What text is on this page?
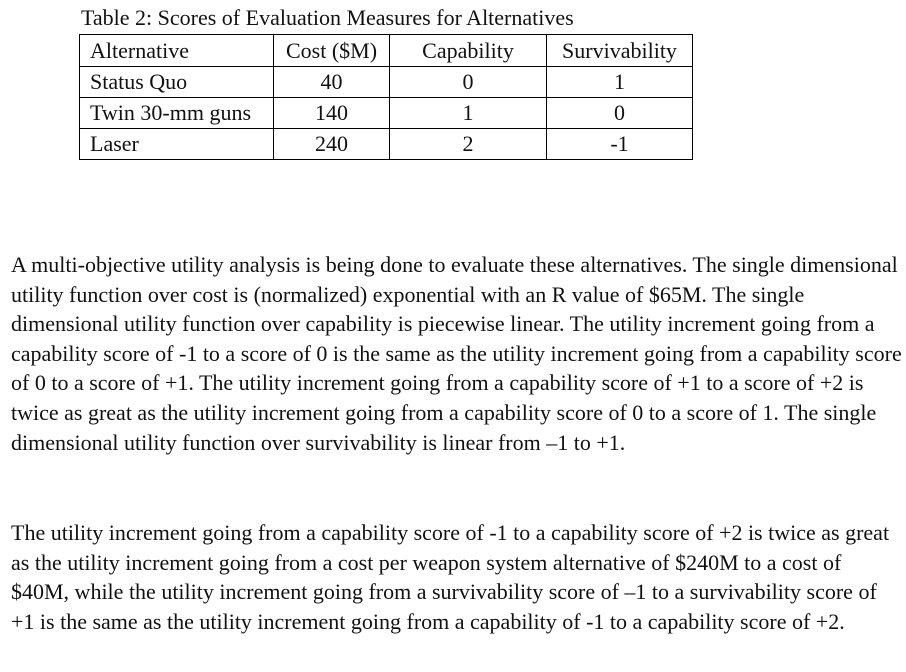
Table 2: Scores of Evaluation Measures for Alternatives
Alternative	Cost ($M)	Capability	Survivability
Status Quo	40	0	1
Twin 30-mm guns	140	1	0
Laser	240	2	-1

A multi-objective utility analysis is being done to evaluate these alternatives. The single dimensional utility function over cost is (normalized) exponential with an R value of $65M. The single dimensional utility function over capability is piecewise linear. The utility increment going from a capability score of -1 to a score of 0 is the same as the utility increment going from a capability score of 0 to a score of +1. The utility increment going from a capability score of +1 to a score of +2 is twice as great as the utility increment going from a capability score of 0 to a score of 1. The single dimensional utility function over survivability is linear from –1 to +1.

The utility increment going from a capability score of -1 to a capability score of +2 is twice as great as the utility increment going from a cost per weapon system alternative of $240M to a cost of $40M, while the utility increment going from a survivability score of –1 to a survivability score of +1 is the same as the utility increment going from a capability of -1 to a capability score of +2.
